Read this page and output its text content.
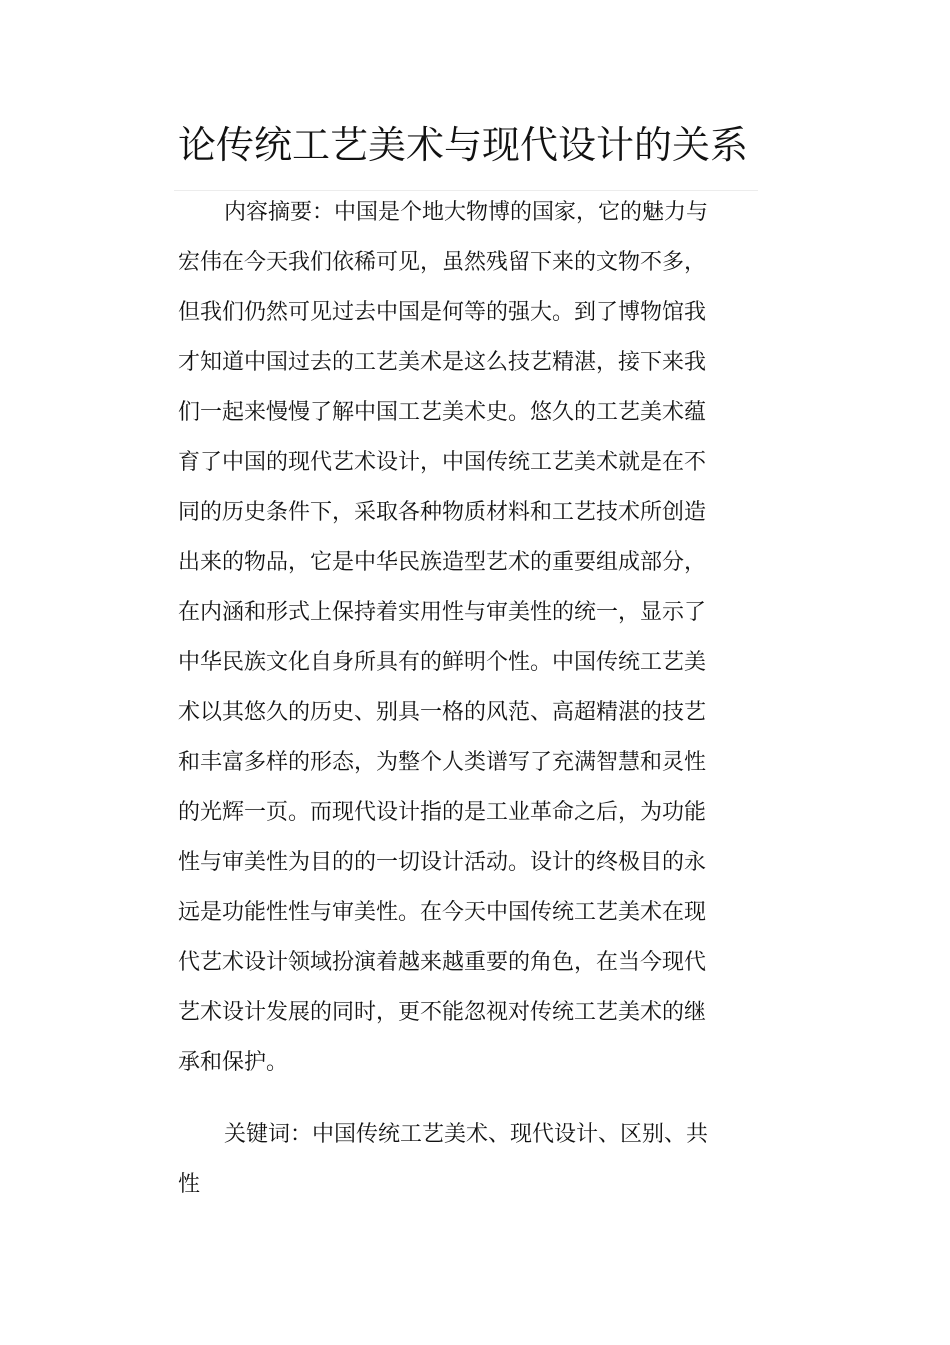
论传统工艺美术与现代设计的关系
内容摘要：中国是个地大物博的国家，它的魅力与
宏伟在今天我们依稀可见，虽然残留下来的文物不多，
但我们仍然可见过去中国是何等的强大。到了博物馆我
才知道中国过去的工艺美术是这么技艺精湛，接下来我
们一起来慢慢了解中国工艺美术史。悠久的工艺美术蕴
育了中国的现代艺术设计，中国传统工艺美术就是在不
同的历史条件下，采取各种物质材料和工艺技术所创造
出来的物品，它是中华民族造型艺术的重要组成部分，
在内涵和形式上保持着实用性与审美性的统一，显示了
中华民族文化自身所具有的鲜明个性。中国传统工艺美
术以其悠久的历史、别具一格的风范、高超精湛的技艺
和丰富多样的形态，为整个人类谱写了充满智慧和灵性
的光辉一页。而现代设计指的是工业革命之后，为功能
性与审美性为目的的一切设计活动。设计的终极目的永
远是功能性性与审美性。在今天中国传统工艺美术在现
代艺术设计领域扮演着越来越重要的角色，在当今现代
艺术设计发展的同时，更不能忽视对传统工艺美术的继
承和保护。
关键词：中国传统工艺美术、现代设计、区别、共
性
